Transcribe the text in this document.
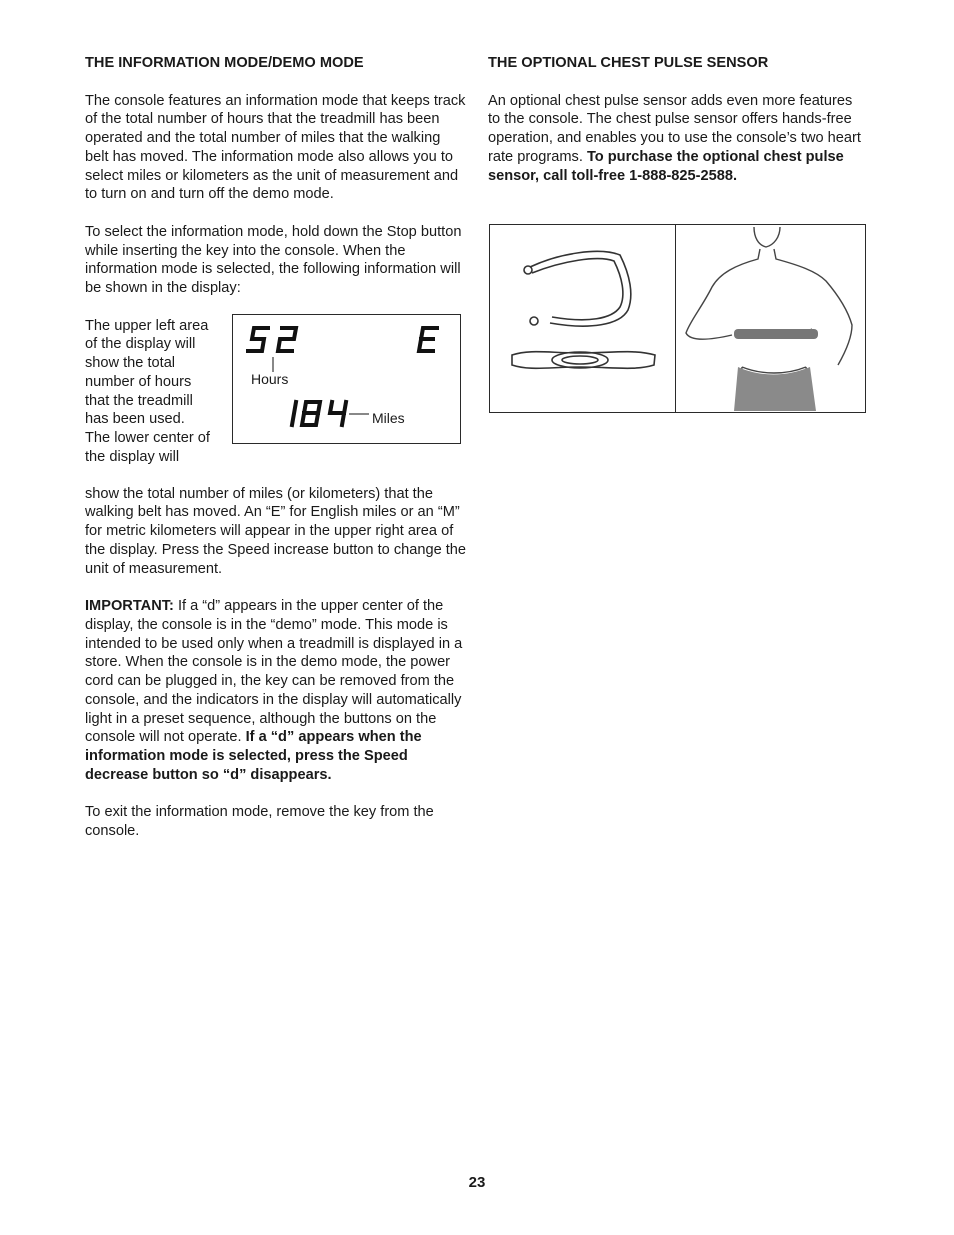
THE INFORMATION MODE/DEMO MODE

The console features an information mode that keeps track of the total number of hours that the treadmill has been operated and the total number of miles that the walking belt has moved. The information mode also allows you to select miles or kilometers as the unit of measurement and to turn on and turn off the demo mode.

To select the information mode, hold down the Stop button while inserting the key into the console. When the information mode is selected, the following information will be shown in the display:

The upper left area of the display will show the total number of hours that the treadmill has been used. The lower center of the display will

Hours
Miles

show the total number of miles (or kilometers) that the walking belt has moved. An “E” for English miles or an “M” for metric kilometers will appear in the upper right area of the display. Press the Speed increase button to change the unit of measurement.

IMPORTANT: If a “d” appears in the upper center of the display, the console is in the “demo” mode. This mode is intended to be used only when a treadmill is displayed in a store. When the console is in the demo mode, the power cord can be plugged in, the key can be removed from the console, and the indicators in the display will automatically light in a preset sequence, although the buttons on the console will not operate. If a “d” appears when the information mode is selected, press the Speed decrease button so “d” disappears.

To exit the information mode, remove the key from the console.

THE OPTIONAL CHEST PULSE SENSOR

An optional chest pulse sensor adds even more features to the console. The chest pulse sensor offers hands-free operation, and enables you to use the console’s two heart rate programs. To purchase the optional chest pulse sensor, call toll-free 1-888-825-2588.

23
